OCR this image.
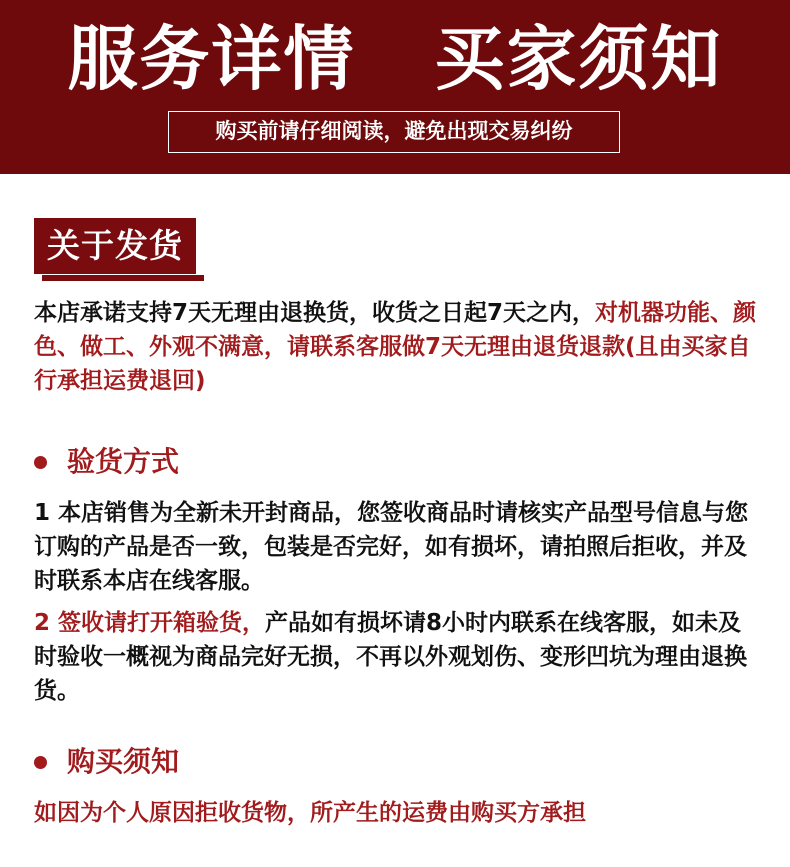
服务详情   买家须知
购买前请仔细阅读，避免出现交易纠纷
关于发货

本店承诺支持7天无理由退换货，收货之日起7天之内，对机器功能、颜色、做工、外观不满意，请联系客服做7天无理由退货退款(且由买家自行承担运费退回)

验货方式

1 本店销售为全新未开封商品，您签收商品时请核实产品型号信息与您订购的产品是否一致，包装是否完好，如有损坏，请拍照后拒收，并及时联系本店在线客服。

2 签收请打开箱验货，产品如有损坏请8小时内联系在线客服，如未及时验收一概视为商品完好无损，不再以外观划伤、变形凹坑为理由退换货。

购买须知

如因为个人原因拒收货物，所产生的运费由购买方承担
